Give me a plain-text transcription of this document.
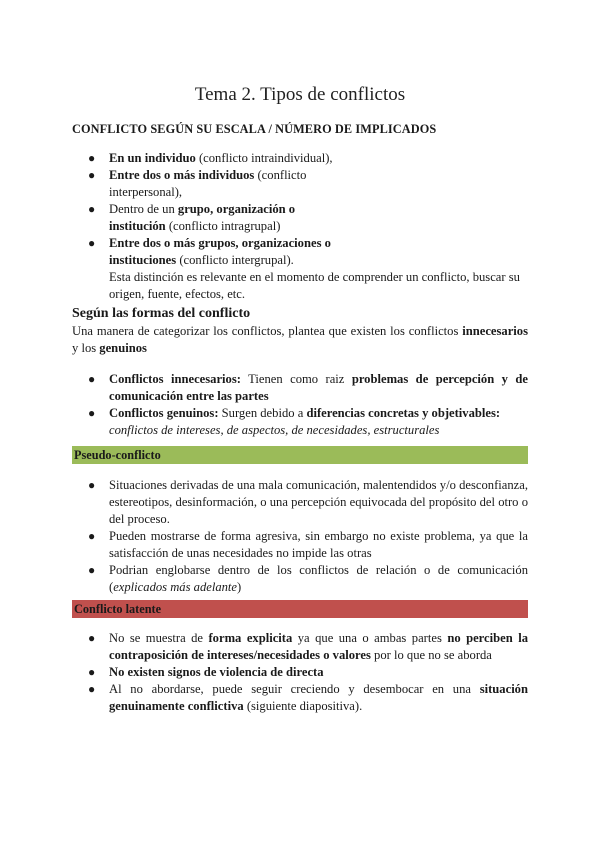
Tema 2. Tipos de conflictos
CONFLICTO SEGÚN SU ESCALA / NÚMERO DE IMPLICADOS
● En un individuo (conflicto intraindividual),
● Entre dos o más individuos (conflicto
interpersonal),
● Dentro de un grupo, organización o
institución (conflicto intragrupal)
● Entre dos o más grupos, organizaciones o
instituciones (conflicto intergrupal).
Esta distinción es relevante en el momento de comprender un conflicto, buscar su origen, fuente, efectos, etc.
Según las formas del conflicto

Una manera de categorizar los conflictos, plantea que existen los conflictos innecesarios y los genuinos

● Conflictos innecesarios: Tienen como raiz problemas de percepción y de comunicación entre las partes
● Conflictos genuinos: Surgen debido a diferencias concretas y objetivables:
conflictos de intereses, de aspectos, de necesidades, estructurales
Pseudo-conflicto
● Situaciones derivadas de una mala comunicación, malentendidos y/o desconfianza, estereotipos, desinformación, o una percepción equivocada del propósito del otro o del proceso.
● Pueden mostrarse de forma agresiva, sin embargo no existe problema, ya que la satisfacción de unas necesidades no impide las otras
● Podrian englobarse dentro de los conflictos de relación o de comunicación (explicados más adelante)
Conflicto latente
● No se muestra de forma explicita ya que una o ambas partes no perciben la contraposición de intereses/necesidades o valores por lo que no se aborda
● No existen signos de violencia de directa
● Al no abordarse, puede seguir creciendo y desembocar en una situación genuinamente conflictiva (siguiente diapositiva).
